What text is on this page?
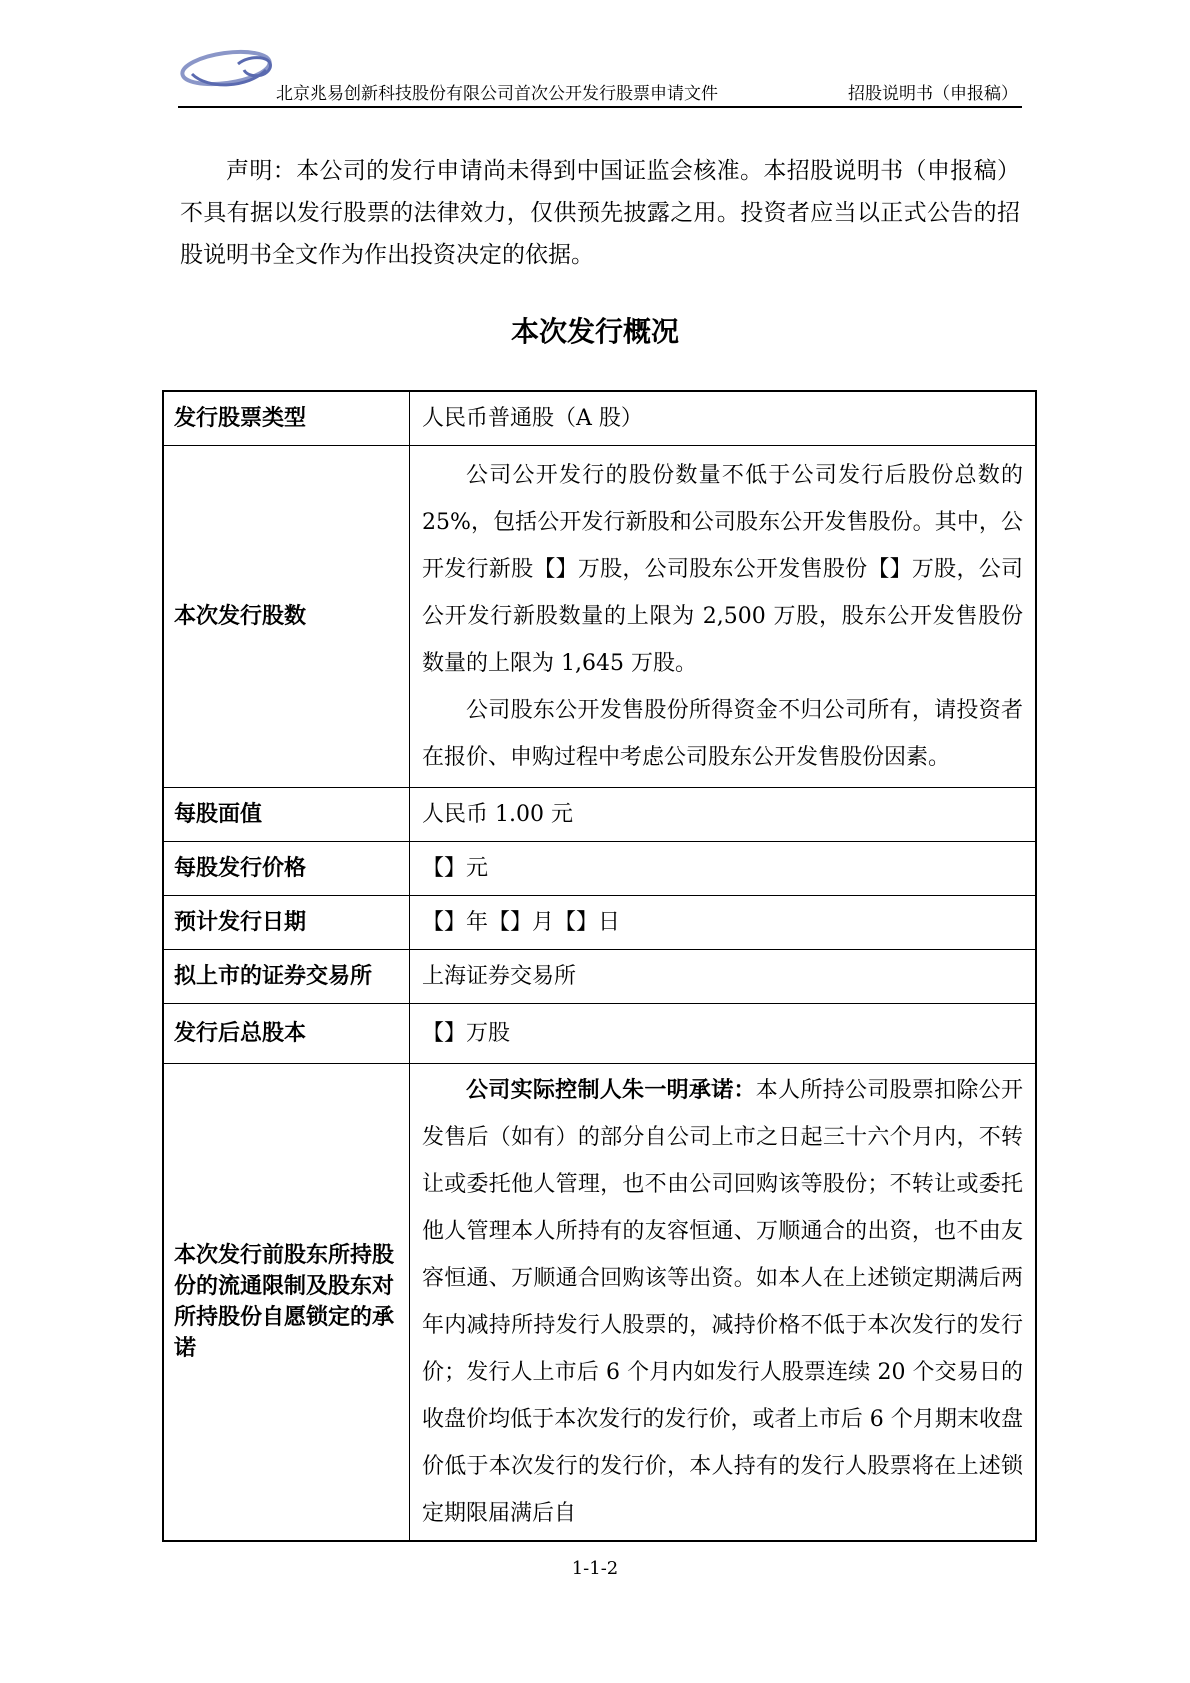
北京兆易创新科技股份有限公司首次公开发行股票申请文件	招股说明书（申报稿）

声明：本公司的发行申请尚未得到中国证监会核准。本招股说明书（申报稿）不具有据以发行股票的法律效力，仅供预先披露之用。投资者应当以正式公告的招股说明书全文作为作出投资决定的依据。

本次发行概况
发行股票类型	人民币普通股（A 股）

本次发行股数	公司公开发行的股份数量不低于公司发行后股份总数的 25%，包括公开发行新股和公司股东公开发售股份。其中，公开发行新股【】万股，公司股东公开发售股份【】万股，公司公开发行新股数量的上限为 2,500 万股，股东公开发售股份数量的上限为 1,645 万股。

公司股东公开发售股份所得资金不归公司所有，请投资者在报价、申购过程中考虑公司股东公开发售股份因素。

每股面值	人民币 1.00 元

每股发行价格	【】元

预计发行日期	【】年【】月【】日

拟上市的证券交易所	上海证券交易所

发行后总股本	【】万股

本次发行前股东所持股份的流通限制及股东对所持股份自愿锁定的承诺	公司实际控制人朱一明承诺：本人所持公司股票扣除公开发售后（如有）的部分自公司上市之日起三十六个月内，不转让或委托他人管理，也不由公司回购该等股份；不转让或委托他人管理本人所持有的友容恒通、万顺通合的出资，也不由友容恒通、万顺通合回购该等出资。如本人在上述锁定期满后两年内减持所持发行人股票的，减持价格不低于本次发行的发行价；发行人上市后 6 个月内如发行人股票连续 20 个交易日的收盘价均低于本次发行的发行价，或者上市后 6 个月期末收盘价低于本次发行的发行价，本人持有的发行人股票将在上述锁定期限届满后自

1-1-2
